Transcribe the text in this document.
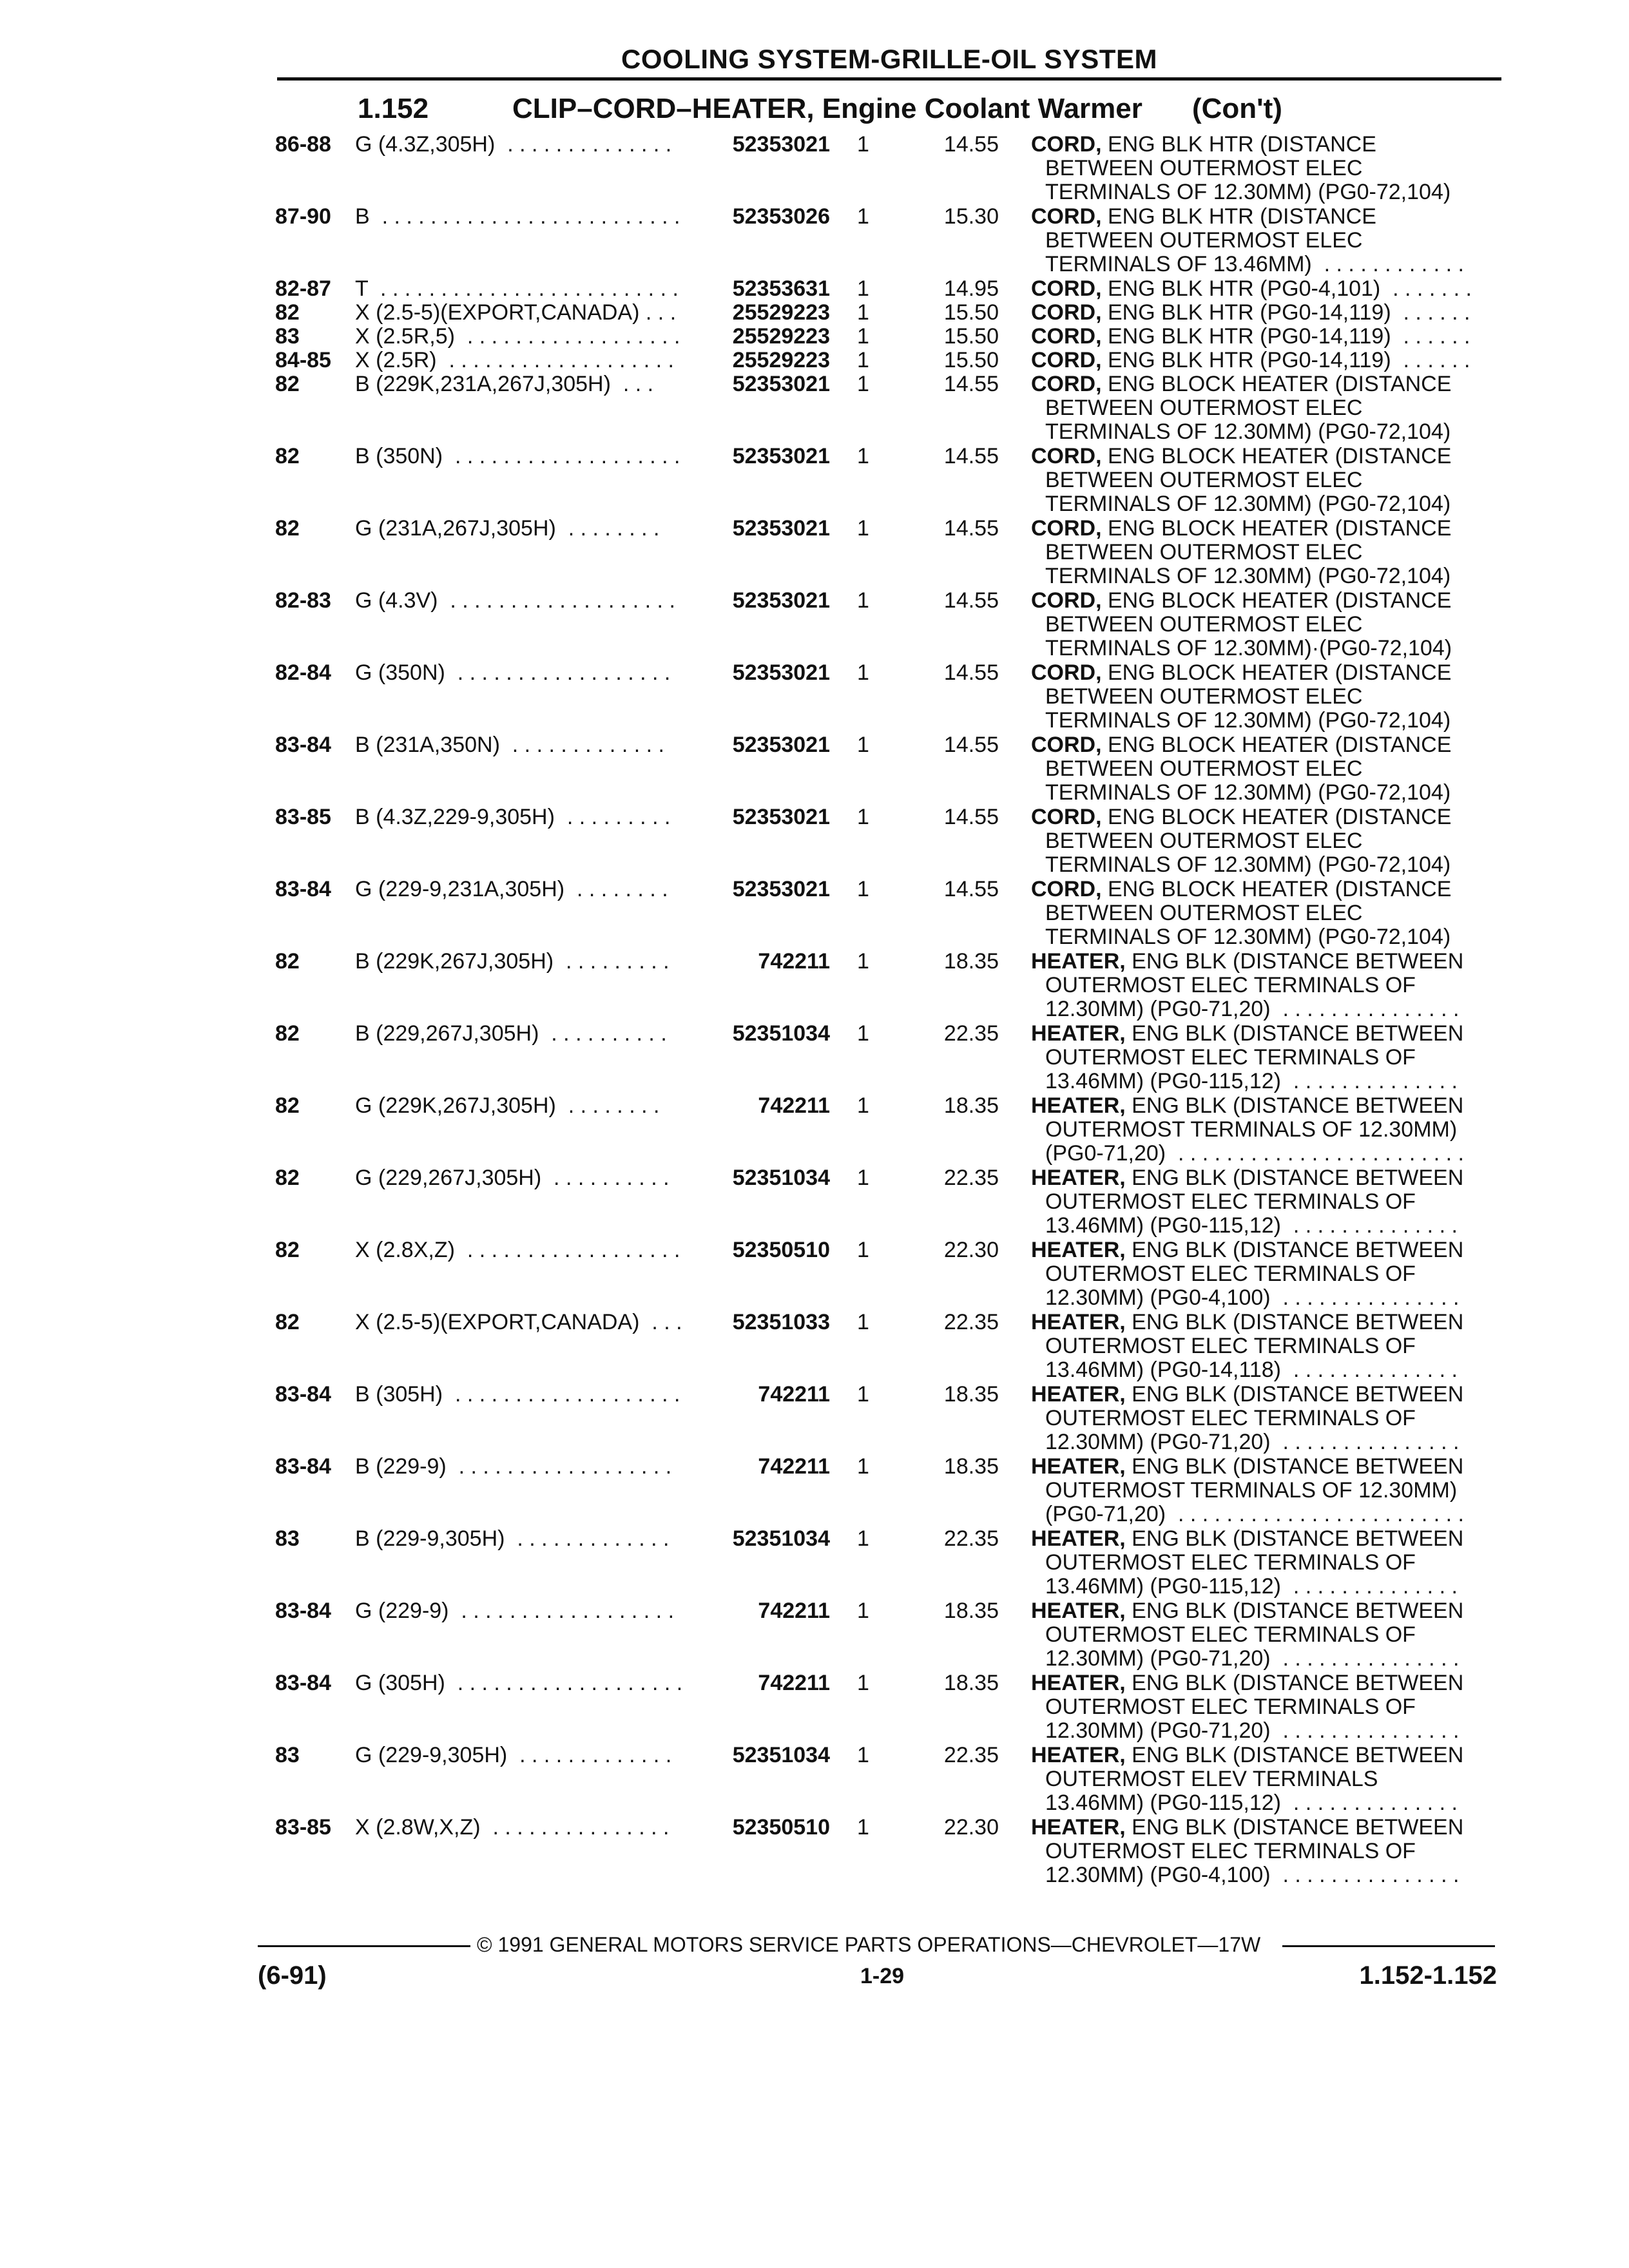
COOLING SYSTEM-GRILLE-OIL SYSTEM
1.152	CLIP–CORD–HEATER, Engine Coolant Warmer (Con't)
86-88 G (4.3Z,305H)  . . . . . . . . . . . . . .	52353021 1	14.55 CORD, ENG BLK HTR (DISTANCE
BETWEEN OUTERMOST ELEC
TERMINALS OF 12.30MM) (PG0-72,104)
87-90 B  . . . . . . . . . . . . . . . . . . . . . . . . .	52353026 1	15.30 CORD, ENG BLK HTR (DISTANCE
BETWEEN OUTERMOST ELEC
TERMINALS OF 13.46MM)  . . . . . . . . . . . .
82-87 T  . . . . . . . . . . . . . . . . . . . . . . . . .	52353631 1	14.95 CORD, ENG BLK HTR (PG0-4,101)  . . . . . . .
82	X (2.5-5)(EXPORT,CANADA) . . .	25529223 1	15.50 CORD, ENG BLK HTR (PG0-14,119)  . . . . . .
83	X (2.5R,5)  . . . . . . . . . . . . . . . . . .	25529223 1	15.50 CORD, ENG BLK HTR (PG0-14,119)  . . . . . .
84-85 X (2.5R)  . . . . . . . . . . . . . . . . . . .	25529223 1	15.50 CORD, ENG BLK HTR (PG0-14,119)  . . . . . .
82	B (229K,231A,267J,305H)  . . .	52353021 1	14.55 CORD, ENG BLOCK HEATER (DISTANCE
BETWEEN OUTERMOST ELEC
TERMINALS OF 12.30MM) (PG0-72,104)
82	B (350N)  . . . . . . . . . . . . . . . . . . .	52353021 1	14.55 CORD, ENG BLOCK HEATER (DISTANCE
BETWEEN OUTERMOST ELEC
TERMINALS OF 12.30MM) (PG0-72,104)
82	G (231A,267J,305H)  . . . . . . . .	52353021 1	14.55 CORD, ENG BLOCK HEATER (DISTANCE
BETWEEN OUTERMOST ELEC
TERMINALS OF 12.30MM) (PG0-72,104)
82-83 G (4.3V)  . . . . . . . . . . . . . . . . . . .	52353021 1	14.55 CORD, ENG BLOCK HEATER (DISTANCE
BETWEEN OUTERMOST ELEC
TERMINALS OF 12.30MM)·(PG0-72,104)
82-84 G (350N)  . . . . . . . . . . . . . . . . . .	52353021 1	14.55 CORD, ENG BLOCK HEATER (DISTANCE
BETWEEN OUTERMOST ELEC
TERMINALS OF 12.30MM) (PG0-72,104)
83-84 B (231A,350N)  . . . . . . . . . . . . .	52353021 1	14.55 CORD, ENG BLOCK HEATER (DISTANCE
BETWEEN OUTERMOST ELEC
TERMINALS OF 12.30MM) (PG0-72,104)
83-85 B (4.3Z,229-9,305H)  . . . . . . . . .	52353021 1	14.55 CORD, ENG BLOCK HEATER (DISTANCE
BETWEEN OUTERMOST ELEC
TERMINALS OF 12.30MM) (PG0-72,104)
83-84 G (229-9,231A,305H)  . . . . . . . .	52353021 1	14.55 CORD, ENG BLOCK HEATER (DISTANCE
BETWEEN OUTERMOST ELEC
TERMINALS OF 12.30MM) (PG0-72,104)
82	B (229K,267J,305H)  . . . . . . . . .	742211 1	18.35 HEATER, ENG BLK (DISTANCE BETWEEN
OUTERMOST ELEC TERMINALS OF
12.30MM) (PG0-71,20)  . . . . . . . . . . . . . . .
82	B (229,267J,305H)  . . . . . . . . . .	52351034 1	22.35 HEATER, ENG BLK (DISTANCE BETWEEN
OUTERMOST ELEC TERMINALS OF
13.46MM) (PG0-115,12)  . . . . . . . . . . . . . .
82	G (229K,267J,305H)  . . . . . . . .	742211 1	18.35 HEATER, ENG BLK (DISTANCE BETWEEN
OUTERMOST TERMINALS OF 12.30MM)
(PG0-71,20)  . . . . . . . . . . . . . . . . . . . . . . . .
82	G (229,267J,305H)  . . . . . . . . . .	52351034 1	22.35 HEATER, ENG BLK (DISTANCE BETWEEN
OUTERMOST ELEC TERMINALS OF
13.46MM) (PG0-115,12)  . . . . . . . . . . . . . .
82	X (2.8X,Z)  . . . . . . . . . . . . . . . . . .	52350510 1	22.30 HEATER, ENG BLK (DISTANCE BETWEEN
OUTERMOST ELEC TERMINALS OF
12.30MM) (PG0-4,100)  . . . . . . . . . . . . . . .
82	X (2.5-5)(EXPORT,CANADA)  . . .	52351033 1	22.35 HEATER, ENG BLK (DISTANCE BETWEEN
OUTERMOST ELEC TERMINALS OF
13.46MM) (PG0-14,118)  . . . . . . . . . . . . . .
83-84 B (305H)  . . . . . . . . . . . . . . . . . . .	742211 1	18.35 HEATER, ENG BLK (DISTANCE BETWEEN
OUTERMOST ELEC TERMINALS OF
12.30MM) (PG0-71,20)  . . . . . . . . . . . . . . .
83-84 B (229-9)  . . . . . . . . . . . . . . . . . .	742211 1	18.35 HEATER, ENG BLK (DISTANCE BETWEEN
OUTERMOST TERMINALS OF 12.30MM)
(PG0-71,20)  . . . . . . . . . . . . . . . . . . . . . . . .
83	B (229-9,305H)  . . . . . . . . . . . . .	52351034 1	22.35 HEATER, ENG BLK (DISTANCE BETWEEN
OUTERMOST ELEC TERMINALS OF
13.46MM) (PG0-115,12)  . . . . . . . . . . . . . .
83-84 G (229-9)  . . . . . . . . . . . . . . . . . .	742211 1	18.35 HEATER, ENG BLK (DISTANCE BETWEEN
OUTERMOST ELEC TERMINALS OF
12.30MM) (PG0-71,20)  . . . . . . . . . . . . . . .
83-84 G (305H)  . . . . . . . . . . . . . . . . . . .	742211 1	18.35 HEATER, ENG BLK (DISTANCE BETWEEN
OUTERMOST ELEC TERMINALS OF
12.30MM) (PG0-71,20)  . . . . . . . . . . . . . . .
83	G (229-9,305H)  . . . . . . . . . . . . .	52351034 1	22.35 HEATER, ENG BLK (DISTANCE BETWEEN
OUTERMOST ELEV TERMINALS
13.46MM) (PG0-115,12)  . . . . . . . . . . . . . .
83-85 X (2.8W,X,Z)  . . . . . . . . . . . . . . .	52350510 1	22.30 HEATER, ENG BLK (DISTANCE BETWEEN
OUTERMOST ELEC TERMINALS OF
12.30MM) (PG0-4,100)  . . . . . . . . . . . . . . .
© 1991 GENERAL MOTORS SERVICE PARTS OPERATIONS—CHEVROLET—17W
(6-91)	1-29	1.152-1.152
